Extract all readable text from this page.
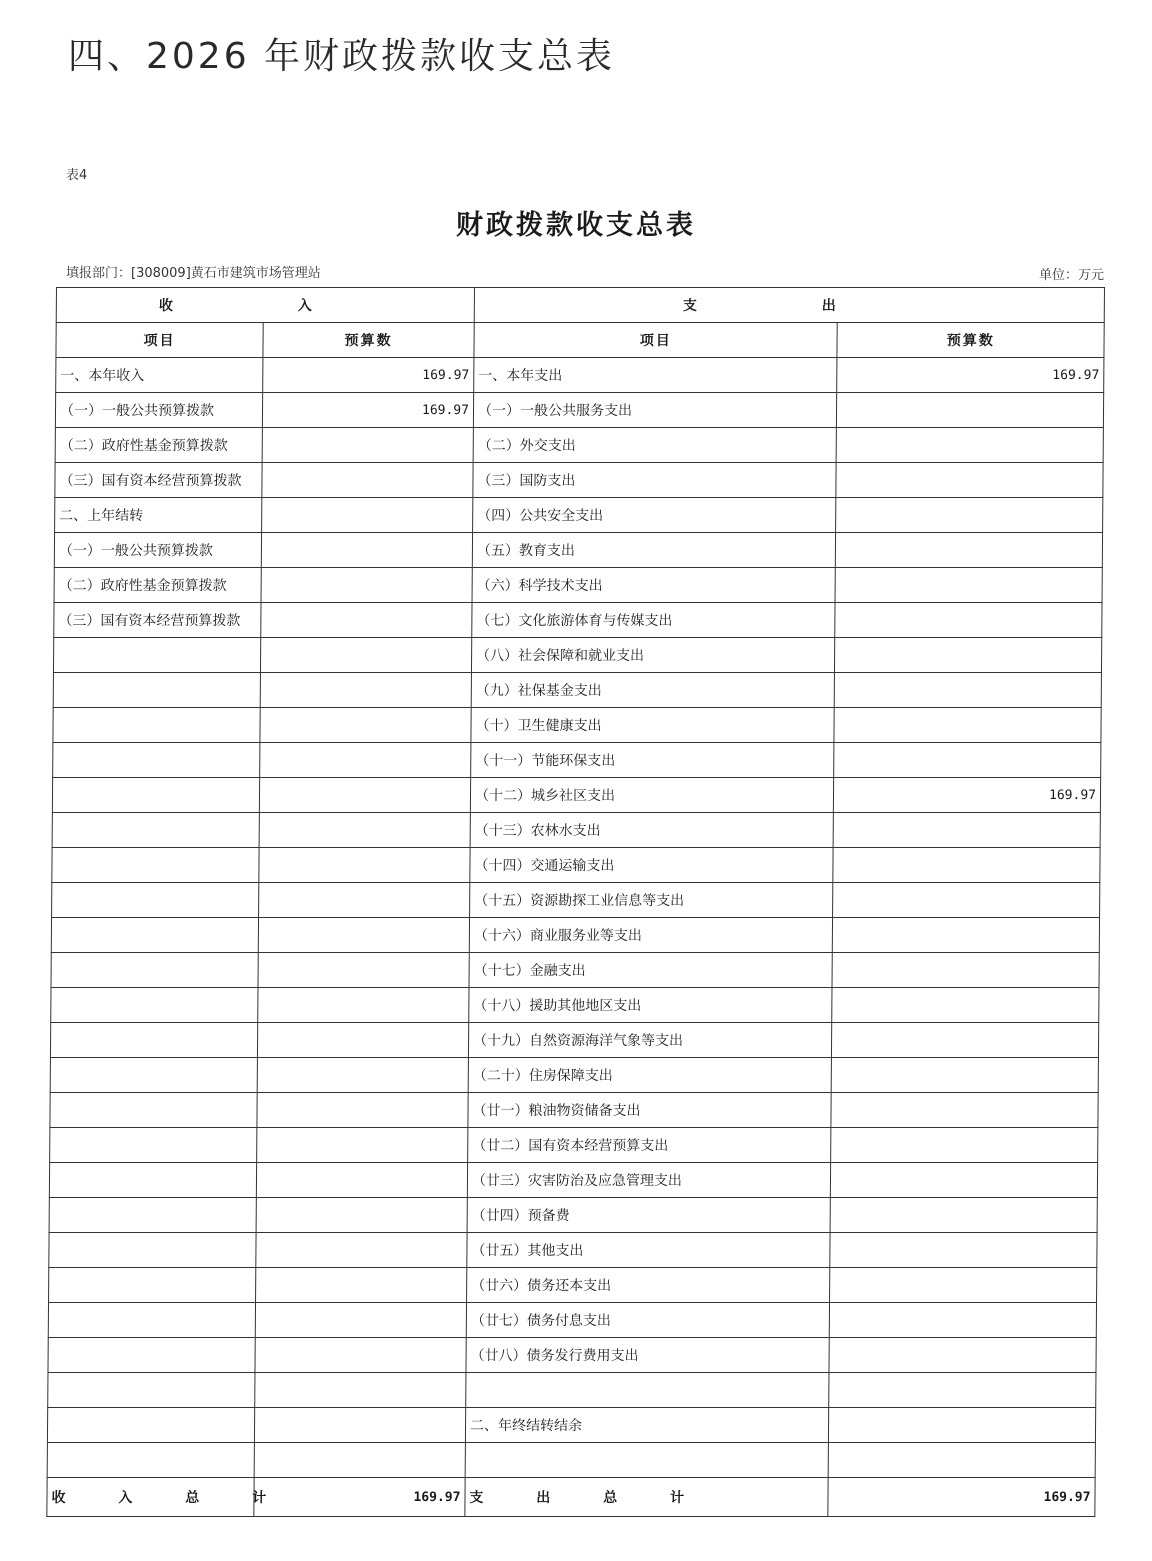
四、2026 年财政拨款收支总表
表4
财政拨款收支总表
填报部门：[308009]黄石市建筑市场管理站	单位：万元
收 入		支 出	
项目	预算数	项目	预算数
一、本年收入	169.97	一、本年支出	169.97
（一）一般公共预算拨款	169.97	（一）一般公共服务支出	
（二）政府性基金预算拨款		（二）外交支出	
（三）国有资本经营预算拨款		（三）国防支出	
二、上年结转		（四）公共安全支出	
（一）一般公共预算拨款		（五）教育支出	
（二）政府性基金预算拨款		（六）科学技术支出	
（三）国有资本经营预算拨款		（七）文化旅游体育与传媒支出	
		（八）社会保障和就业支出	
		（九）社保基金支出	
		（十）卫生健康支出	
		（十一）节能环保支出	
		（十二）城乡社区支出	169.97
		（十三）农林水支出	
		（十四）交通运输支出	
		（十五）资源勘探工业信息等支出	
		（十六）商业服务业等支出	
		（十七）金融支出	
		（十八）援助其他地区支出	
		（十九）自然资源海洋气象等支出	
		（二十）住房保障支出	
		（廿一）粮油物资储备支出	
		（廿二）国有资本经营预算支出	
		（廿三）灾害防治及应急管理支出	
		（廿四）预备费	
		（廿五）其他支出	
		（廿六）债务还本支出	
		（廿七）债务付息支出	
		（廿八）债务发行费用支出	

		二、年终结转结余	

收 入 总 计	169.97	支 出 总 计	169.97
